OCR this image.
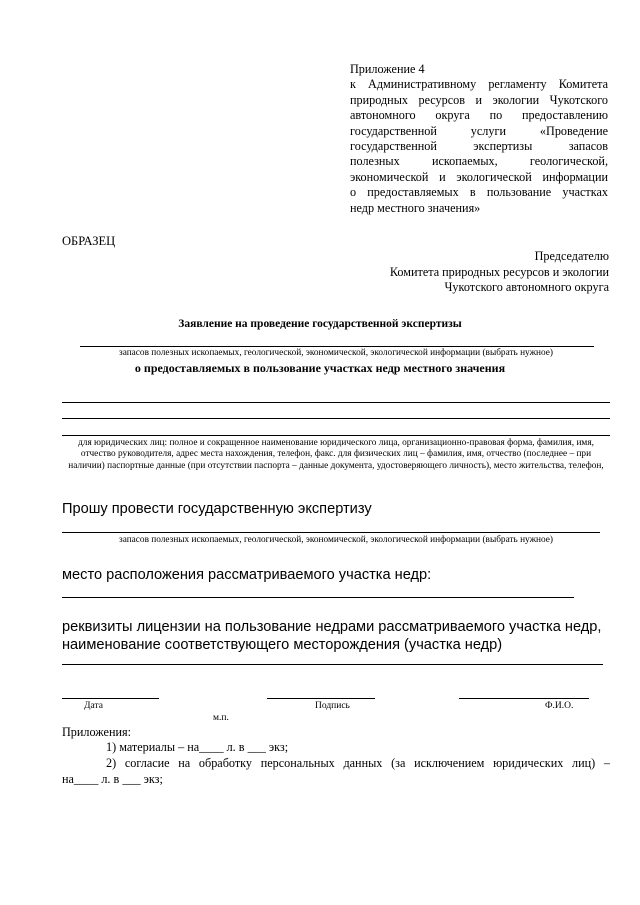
Приложение 4
к Административному регламенту Комитета
природных ресурсов и экологии Чукотского
автономного округа по предоставлению
государственной услуги «Проведение
государственной экспертизы запасов
полезных ископаемых, геологической,
экономической и экологической информации
о предоставляемых в пользование участках
недр местного значения»
ОБРАЗЕЦ
Председателю
Комитета природных ресурсов и экологии
Чукотского автономного округа
Заявление на проведение государственной экспертизы
запасов полезных ископаемых, геологической, экономической, экологической информации (выбрать нужное)
о предоставляемых в пользование участках недр местного значения
для юридических лиц: полное и сокращенное наименование юридического лица, организационно-правовая форма, фамилия, имя, отчество руководителя, адрес места нахождения, телефон, факс. для физических лиц – фамилия, имя, отчество (последнее – при наличии) паспортные данные (при отсутствии паспорта – данные документа, удостоверяющего личность), место жительства, телефон,
Прошу провести государственную экспертизу
запасов полезных ископаемых, геологической, экономической, экологической информации (выбрать нужное)
место расположения рассматриваемого участка недр:
реквизиты лицензии на пользование недрами рассматриваемого участка недр, наименование соответствующего месторождения (участка недр)
Дата
м.п.
Подпись	Ф.И.О.
Приложения:
1) материалы – на____ л. в ___ экз;
2) согласие на обработку персональных данных (за исключением юридических лиц) –
на____ л. в ___ экз;
